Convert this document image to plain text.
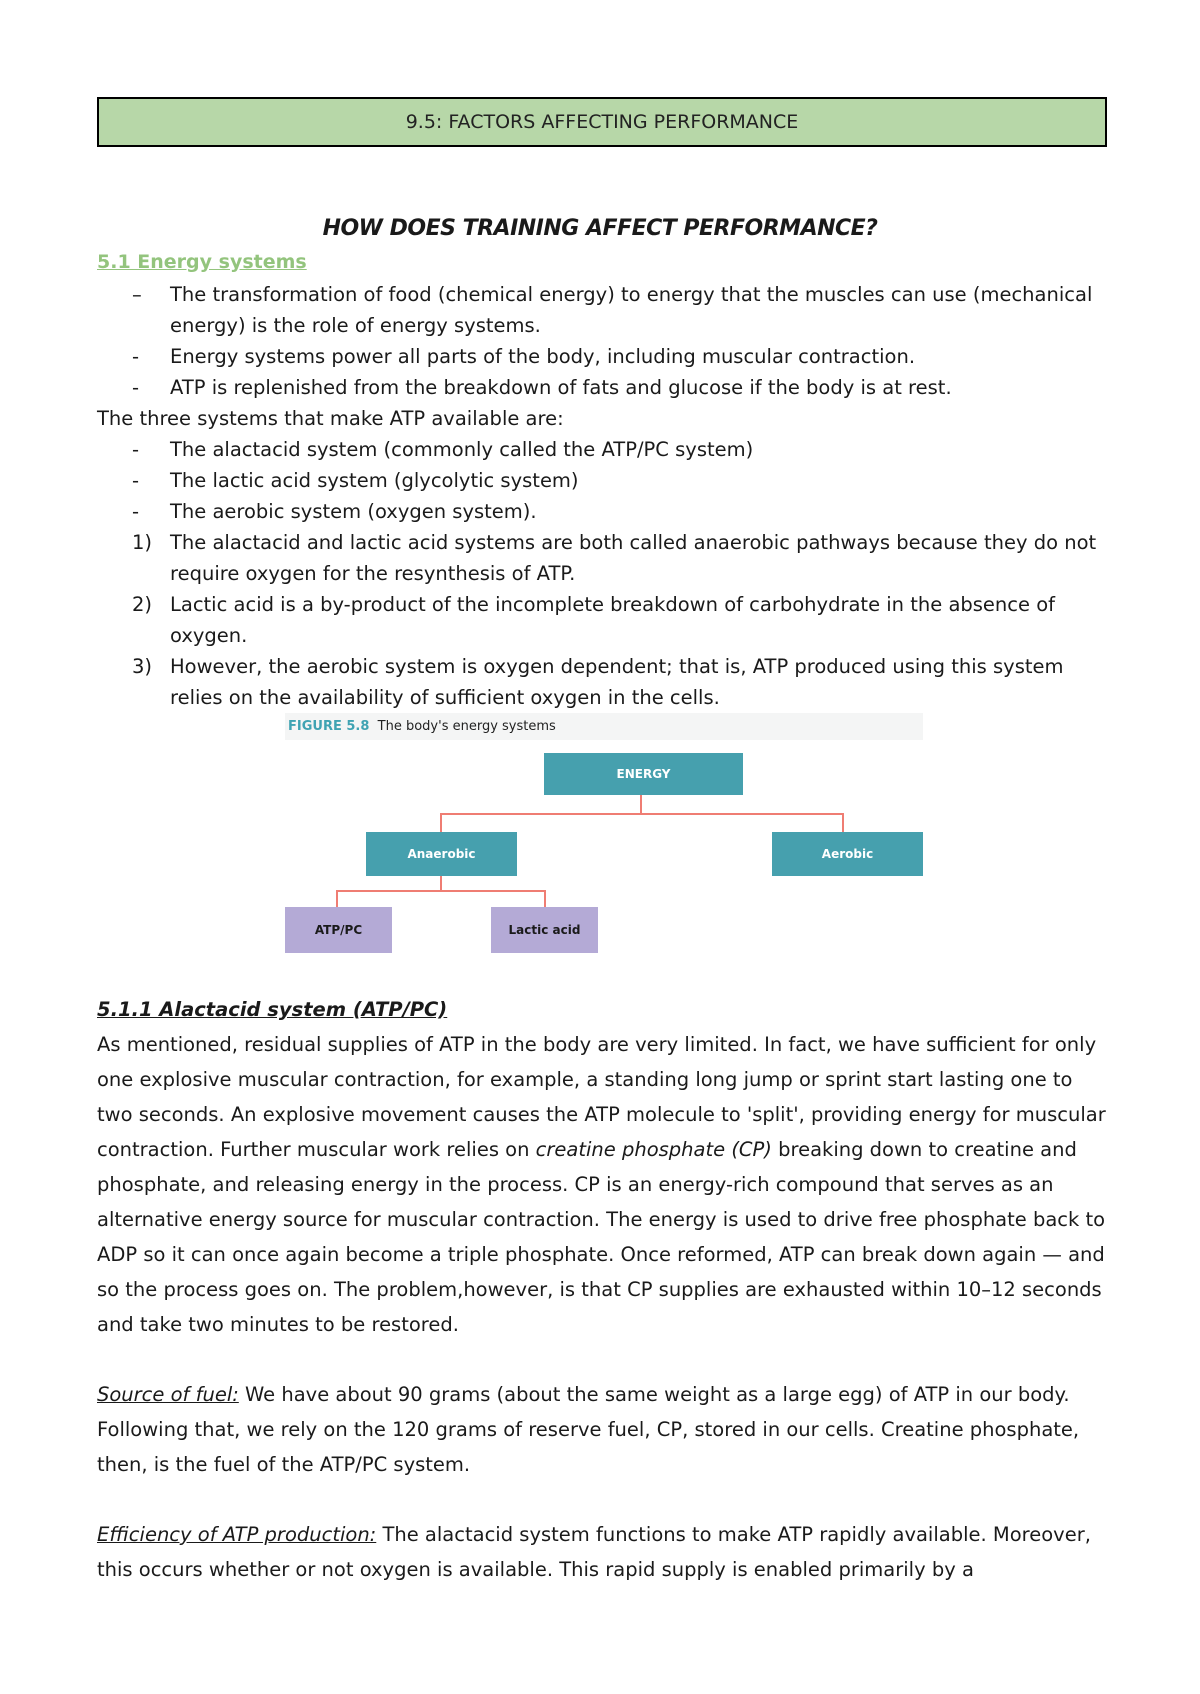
9.5: FACTORS AFFECTING PERFORMANCE
HOW DOES TRAINING AFFECT PERFORMANCE?
5.1 Energy systems
–	The transformation of food (chemical energy) to energy that the muscles can use (mechanical energy) is the role of energy systems.
-	Energy systems power all parts of the body, including muscular contraction.
-	ATP is replenished from the breakdown of fats and glucose if the body is at rest.
The three systems that make ATP available are:
-	The alactacid system (commonly called the ATP/PC system)
-	The lactic acid system (glycolytic system)
-	The aerobic system (oxygen system).
1) The alactacid and lactic acid systems are both called anaerobic pathways because they do not require oxygen for the resynthesis of ATP.
2) Lactic acid is a by-product of the incomplete breakdown of carbohydrate in the absence of oxygen.
3) However, the aerobic system is oxygen dependent; that is, ATP produced using this system relies on the availability of sufficient oxygen in the cells.
FIGURE 5.8 The body's energy systems
ENERGY
Anaerobic	Aerobic
ATP/PC	Lactic acid
5.1.1 Alactacid system (ATP/PC)
As mentioned, residual supplies of ATP in the body are very limited. In fact, we have sufficient for only one explosive muscular contraction, for example, a standing long jump or sprint start lasting one to two seconds. An explosive movement causes the ATP molecule to 'split', providing energy for muscular contraction. Further muscular work relies on creatine phosphate (CP) breaking down to creatine and phosphate, and releasing energy in the process. CP is an energy-rich compound that serves as an alternative energy source for muscular contraction. The energy is used to drive free phosphate back to ADP so it can once again become a triple phosphate. Once reformed, ATP can break down again — and so the process goes on. The problem,however, is that CP supplies are exhausted within 10–12 seconds and take two minutes to be restored.
Source of fuel: We have about 90 grams (about the same weight as a large egg) of ATP in our body. Following that, we rely on the 120 grams of reserve fuel, CP, stored in our cells. Creatine phosphate, then, is the fuel of the ATP/PC system.
Efficiency of ATP production: The alactacid system functions to make ATP rapidly available. Moreover, this occurs whether or not oxygen is available. This rapid supply is enabled primarily by a
